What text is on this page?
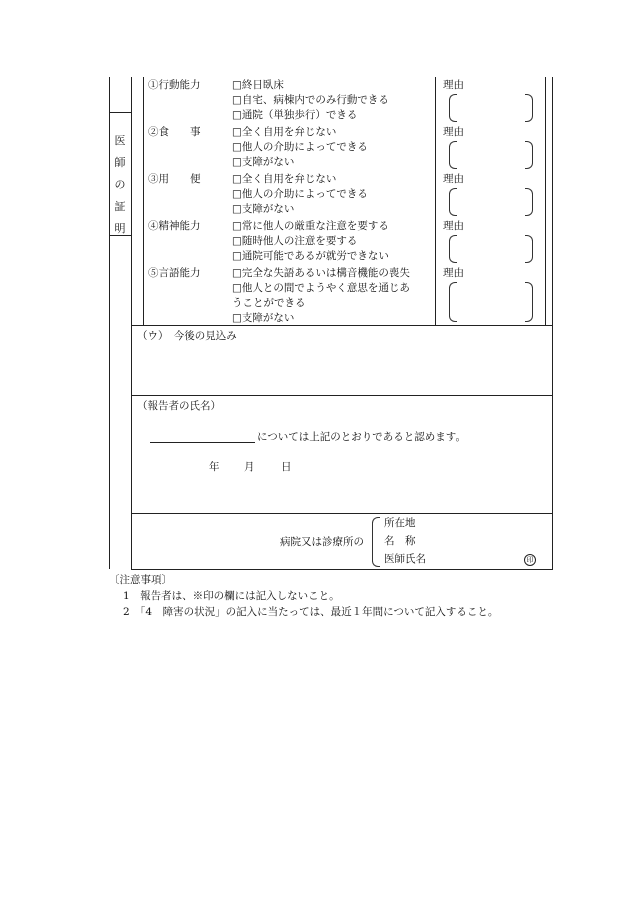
医
師
の
証
明
①行動能力	□終日臥床
□自宅、病棟内でのみ行動できる
□通院（単独歩行）できる
理由
②食　　事	□全く自用を弁じない
□他人の介助によってできる
□支障がない
理由
③用　　便	□全く自用を弁じない
□他人の介助によってできる
□支障がない
理由
④精神能力	□常に他人の厳重な注意を要する
□随時他人の注意を要する
□通院可能であるが就労できない
理由
⑤言語能力	□完全な失語あるいは構音機能の喪失
□他人との間でようやく意思を通じあ
うことができる
□支障がない
理由
（ウ）　今後の見込み
（報告者の氏名）
については上記のとおりであると認めます。
年 月	日
病院又は診療所の
所在地
名　称
医師氏名	印
〔注意事項〕
1　報告者は、※印の欄には記入しないこと。
2　「4　障害の状況」の記入に当たっては、最近１年間について記入すること。
